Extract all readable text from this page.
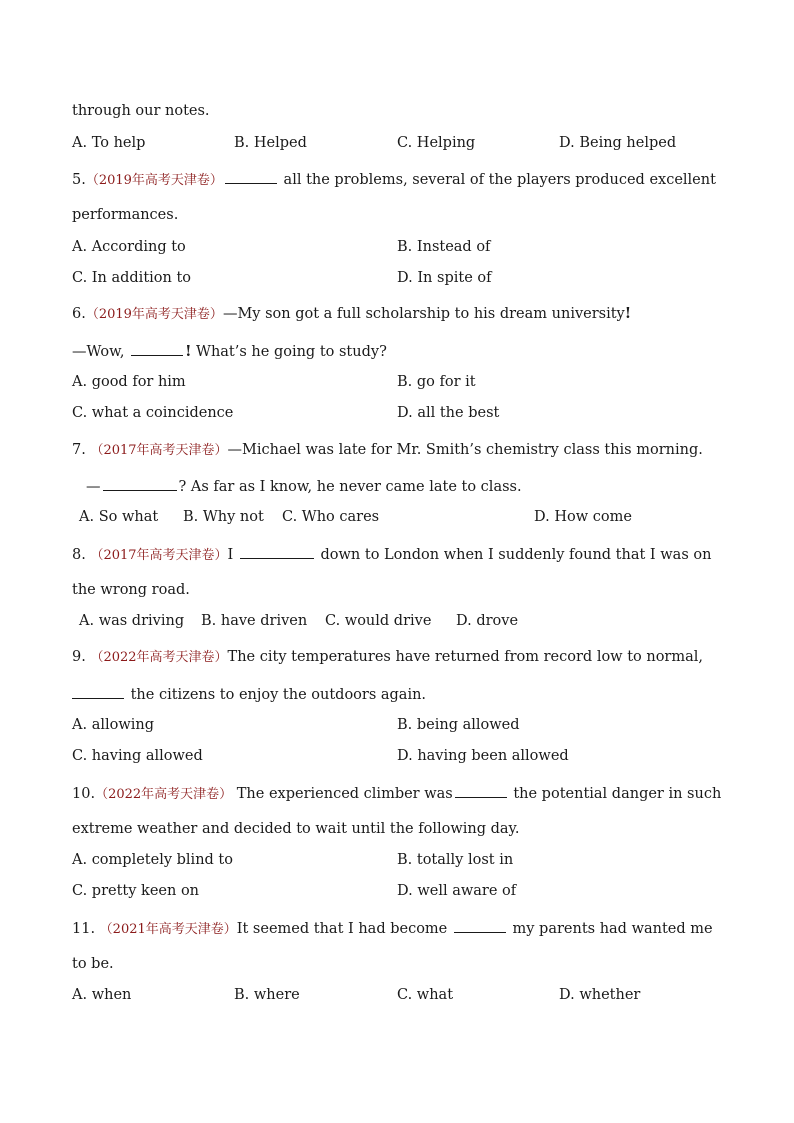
through our notes.
A. To help	B. Helped	C. Helping	D. Being helped
5.（2019年高考天津卷）	all the problems, several of the players produced excellent
performances.
A. According to	B. Instead of
C. In addition to	D. In spite of
6.（2019年高考天津卷）—My son got a full scholarship to his dream university!
—Wow,	! What’s he going to study?
A. good for him	B. go for it
C. what a coincidence	D. all the best
7. （2017年高考天津卷）—Michael was late for Mr. Smith’s chemistry class this morning.
—	? As far as I know, he never came late to class.
A. So what B. Why not C. Who cares	D. How come
8. （2017年高考天津卷）I	down to London when I suddenly found that I was on
the wrong road.
A. was driving B. have driven C. would drive D. drove
9. （2022年高考天津卷）The city temperatures have returned from record low to normal,
the citizens to enjoy the outdoors again.
A. allowing	B. being allowed
C. having allowed	D. having been allowed
10.（2022年高考天津卷） The experienced climber was	the potential danger in such
extreme weather and decided to wait until the following day.
A. completely blind to	B. totally lost in
C. pretty keen on	D. well aware of
11. （2021年高考天津卷）It seemed that I had become	my parents had wanted me
to be.
A. when	B. where	C. what	D. whether
